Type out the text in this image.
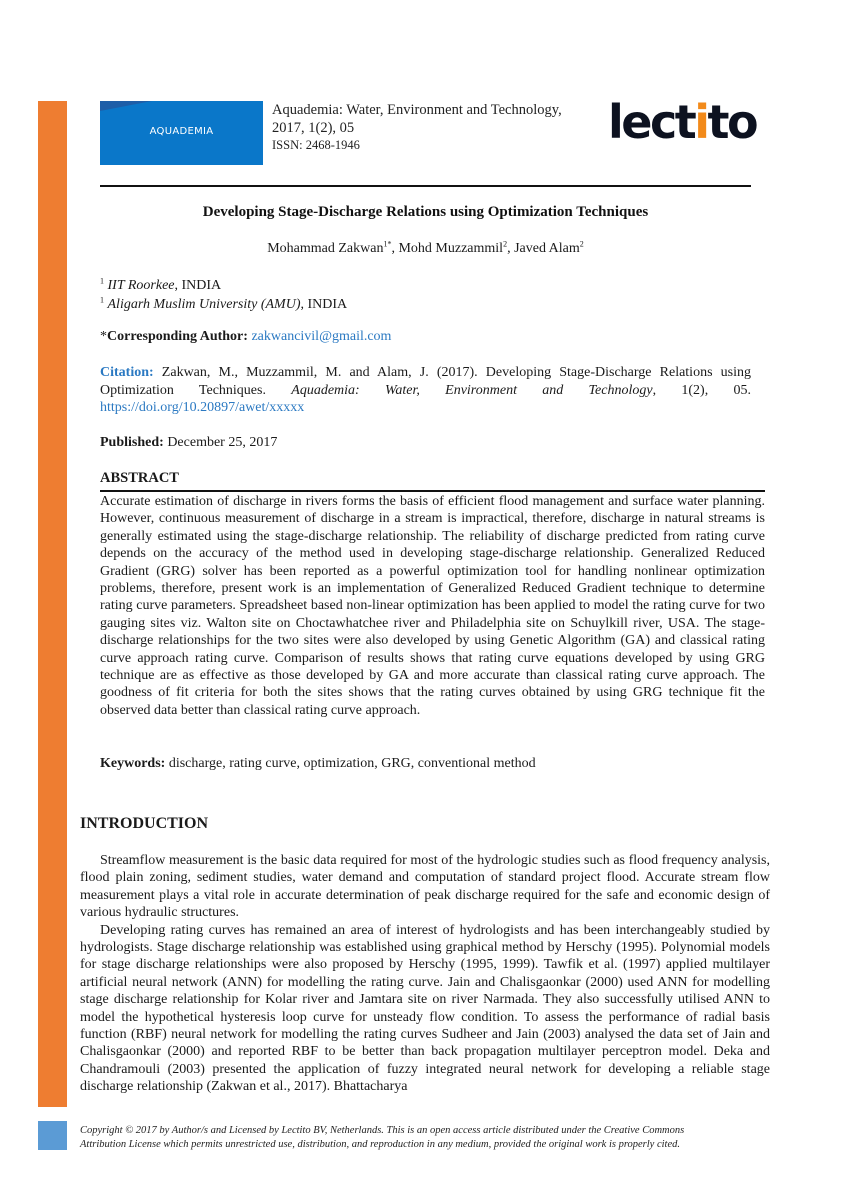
AQUADEMIA
Aquademia: Water, Environment and Technology,
2017, 1(2), 05
ISSN: 2468-1946	lectito
Developing Stage-Discharge Relations using Optimization Techniques
Mohammad Zakwan$^{1*}$, Mohd Muzzammil$^2$, Javed Alam$^2$
$^1$ IIT Roorkee, INDIA
$^1$ Aligarh Muslim University (AMU), INDIA
*Corresponding Author: zakwancivil@gmail.com
Citation: Zakwan, M., Muzzammil, M. and Alam, J. (2017). Developing Stage-Discharge Relations using Optimization Techniques. Aquademia: Water, Environment and Technology, 1(2), 05. https://doi.org/10.20897/awet/xxxxx
Published: December 25, 2017
ABSTRACT
Accurate estimation of discharge in rivers forms the basis of efficient flood management and surface water planning. However, continuous measurement of discharge in a stream is impractical, therefore, discharge in natural streams is generally estimated using the stage-discharge relationship. The reliability of discharge predicted from rating curve depends on the accuracy of the method used in developing stage-discharge relationship. Generalized Reduced Gradient (GRG) solver has been reported as a powerful optimization tool for handling nonlinear optimization problems, therefore, present work is an implementation of Generalized Reduced Gradient technique to determine rating curve parameters. Spreadsheet based non-linear optimization has been applied to model the rating curve for two gauging sites viz. Walton site on Choctawhatchee river and Philadelphia site on Schuylkill river, USA. The stage-discharge relationships for the two sites were also developed by using Genetic Algorithm (GA) and classical rating curve approach rating curve. Comparison of results shows that rating curve equations developed by using GRG technique are as effective as those developed by GA and more accurate than classical rating curve approach. The goodness of fit criteria for both the sites shows that the rating curves obtained by using GRG technique fit the observed data better than classical rating curve approach.
Keywords: discharge, rating curve, optimization, GRG, conventional method
INTRODUCTION

Streamflow measurement is the basic data required for most of the hydrologic studies such as flood frequency analysis, flood plain zoning, sediment studies, water demand and computation of standard project flood. Accurate stream flow measurement plays a vital role in accurate determination of peak discharge required for the safe and economic design of various hydraulic structures.

Developing rating curves has remained an area of interest of hydrologists and has been interchangeably studied by hydrologists. Stage discharge relationship was established using graphical method by Herschy (1995). Polynomial models for stage discharge relationships were also proposed by Herschy (1995, 1999). Tawfik et al. (1997) applied multilayer artificial neural network (ANN) for modelling the rating curve. Jain and Chalisgaonkar (2000) used ANN for modelling stage discharge relationship for Kolar river and Jamtara site on river Narmada. They also successfully utilised ANN to model the hypothetical hysteresis loop curve for unsteady flow condition. To assess the performance of radial basis function (RBF) neural network for modelling the rating curves Sudheer and Jain (2003) analysed the data set of Jain and Chalisgaonkar (2000) and reported RBF to be better than back propagation multilayer perceptron model. Deka and Chandramouli (2003) presented the application of fuzzy integrated neural network for developing a reliable stage discharge relationship (Zakwan et al., 2017). Bhattacharya

Copyright © 2017 by Author/s and Licensed by Lectito BV, Netherlands. This is an open access article distributed under the Creative Commons
Attribution License which permits unrestricted use, distribution, and reproduction in any medium, provided the original work is properly cited.
